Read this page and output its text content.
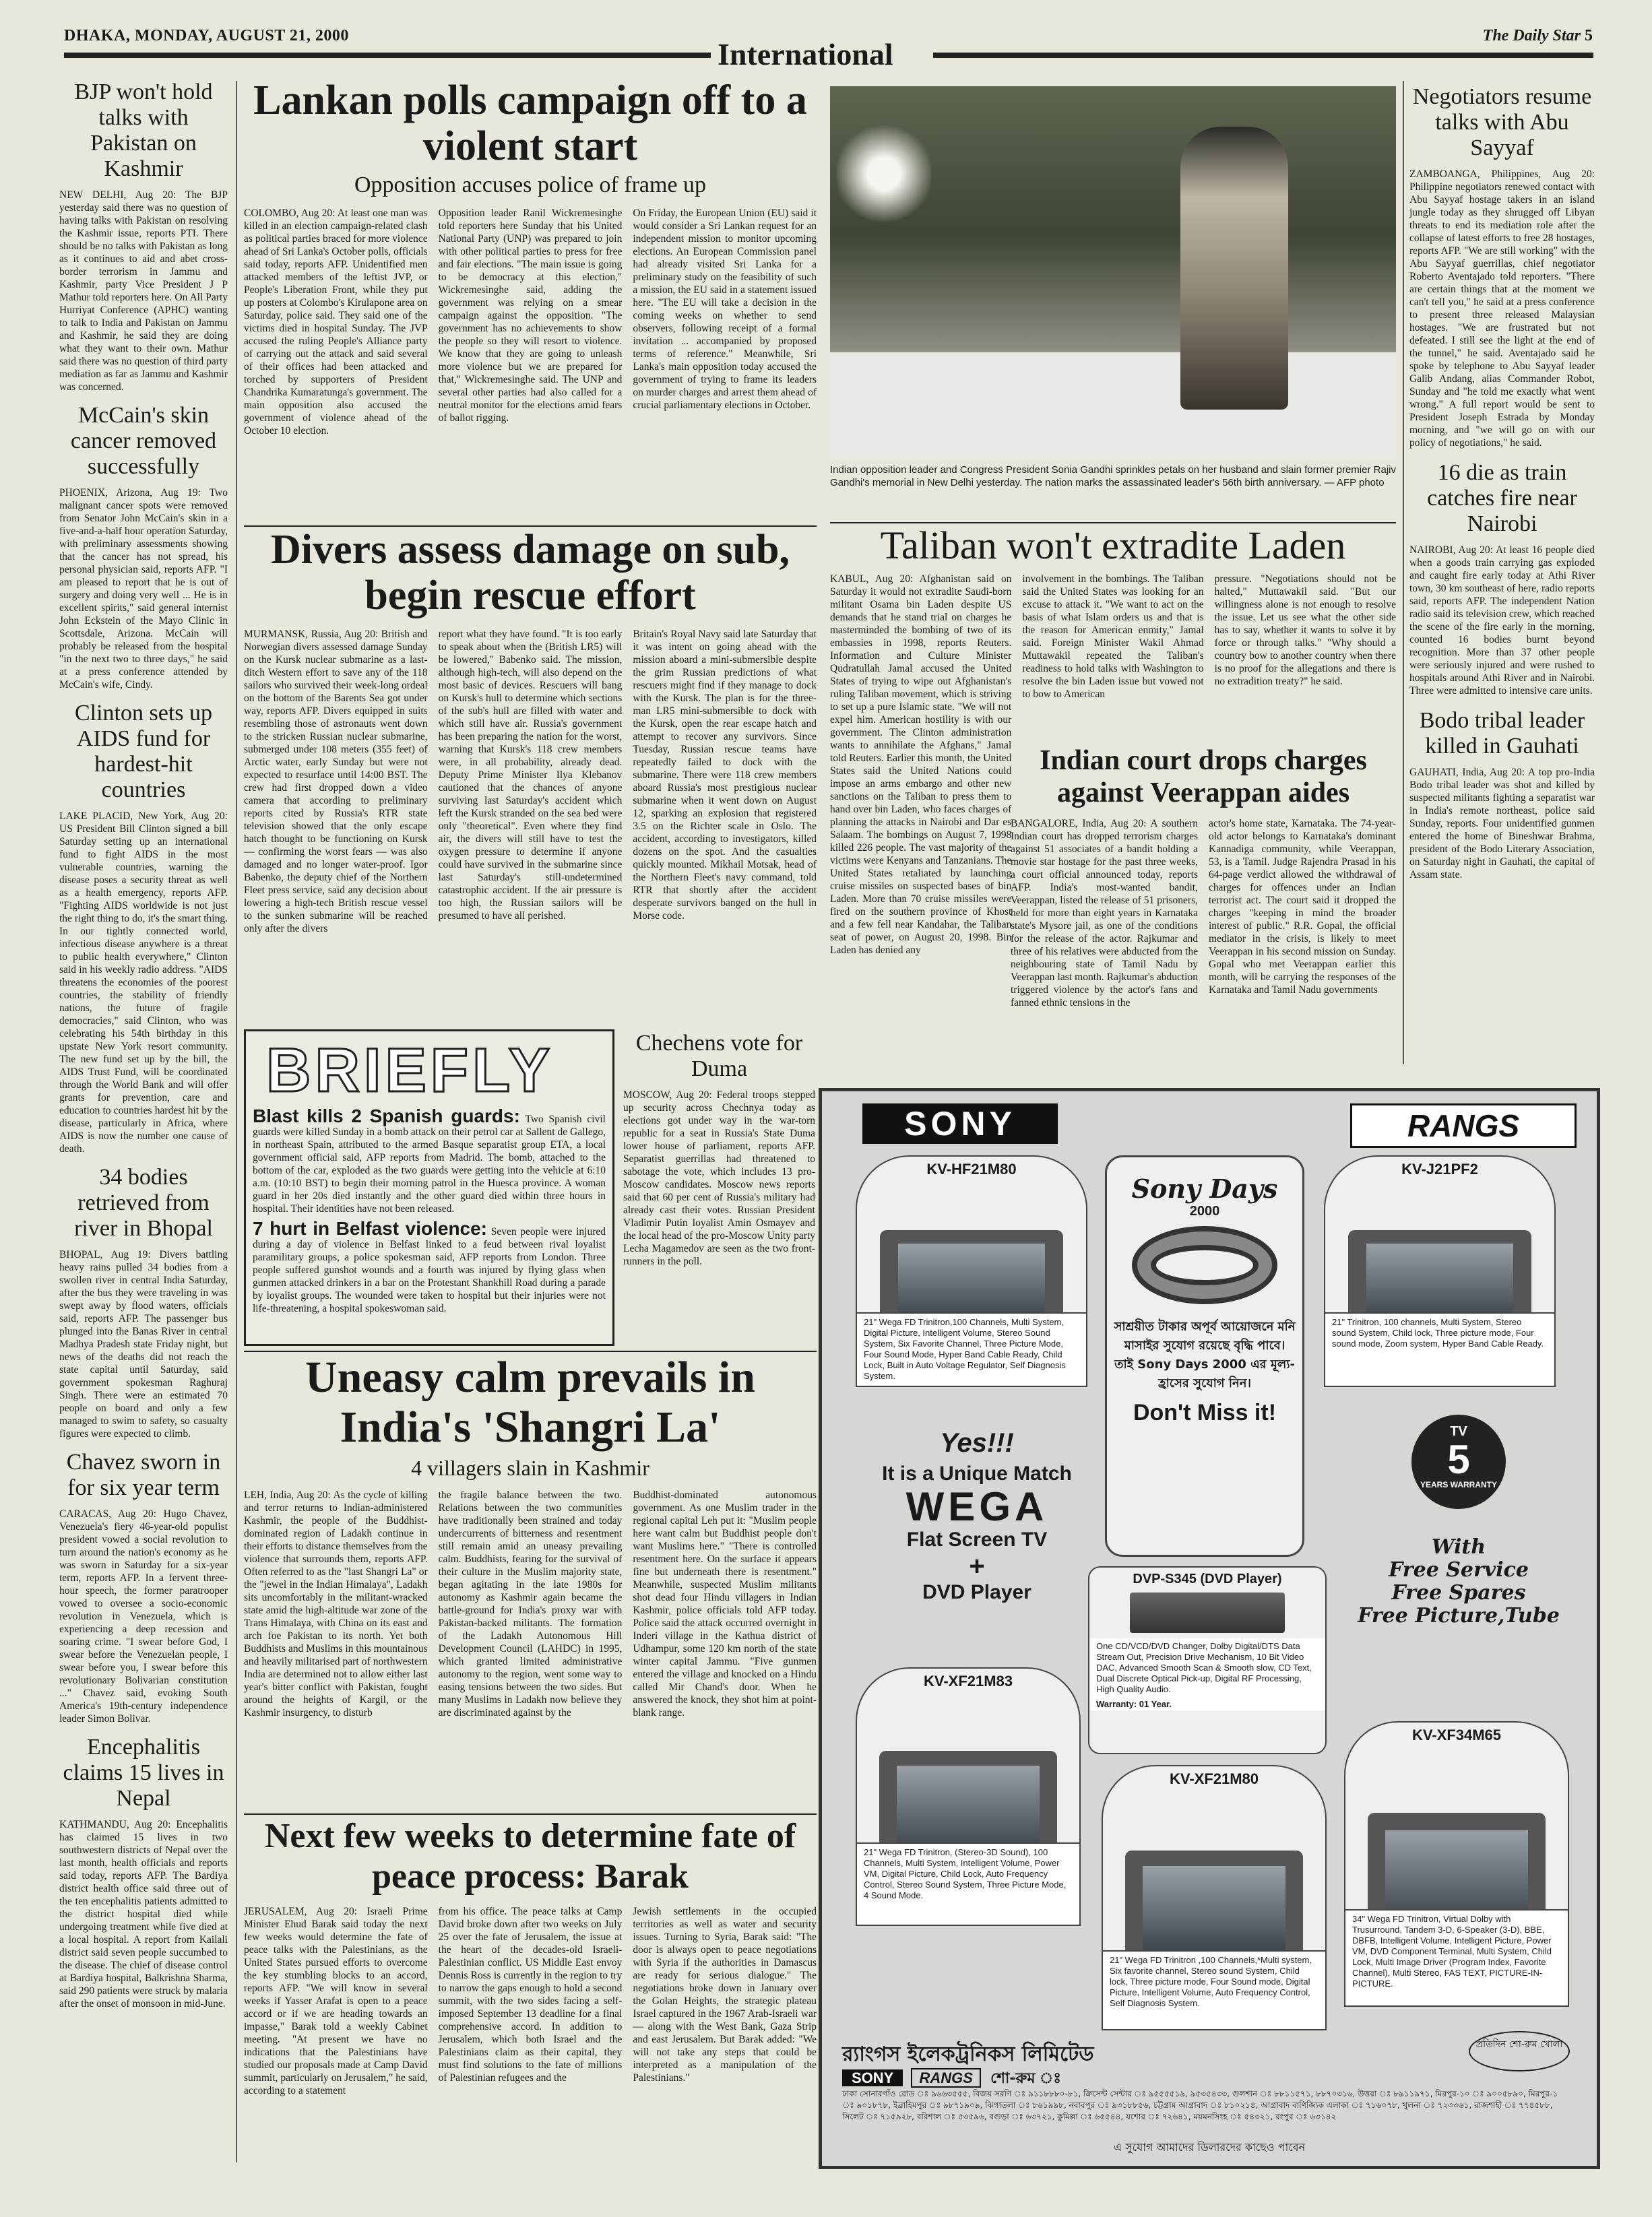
DHAKA, MONDAY, AUGUST 21, 2000
International
The Daily Star 5
BJP won't hold talks with Pakistan on Kashmir

NEW DELHI, Aug 20: The BJP yesterday said there was no question of having talks with Pakistan on resolving the Kashmir issue, reports PTI. There should be no talks with Pakistan as long as it continues to aid and abet cross-border terrorism in Jammu and Kashmir, party Vice President J P Mathur told reporters here. On All Party Hurriyat Conference (APHC) wanting to talk to India and Pakistan on Jammu and Kashmir, he said they are doing what they want to their own. Mathur said there was no question of third party mediation as far as Jammu and Kashmir was concerned.

McCain's skin cancer removed successfully

PHOENIX, Arizona, Aug 19: Two malignant cancer spots were removed from Senator John McCain's skin in a five-and-a-half hour operation Saturday, with preliminary assessments showing that the cancer has not spread, his personal physician said, reports AFP. "I am pleased to report that he is out of surgery and doing very well ... He is in excellent spirits," said general internist John Eckstein of the Mayo Clinic in Scottsdale, Arizona. McCain will probably be released from the hospital "in the next two to three days," he said at a press conference attended by McCain's wife, Cindy.

Clinton sets up AIDS fund for hardest-hit countries

LAKE PLACID, New York, Aug 20: US President Bill Clinton signed a bill Saturday setting up an international fund to fight AIDS in the most vulnerable countries, warning the disease poses a security threat as well as a health emergency, reports AFP. "Fighting AIDS worldwide is not just the right thing to do, it's the smart thing. In our tightly connected world, infectious disease anywhere is a threat to public health everywhere," Clinton said in his weekly radio address. "AIDS threatens the economies of the poorest countries, the stability of friendly nations, the future of fragile democracies," said Clinton, who was celebrating his 54th birthday in this upstate New York resort community. The new fund set up by the bill, the AIDS Trust Fund, will be coordinated through the World Bank and will offer grants for prevention, care and education to countries hardest hit by the disease, particularly in Africa, where AIDS is now the number one cause of death.

34 bodies retrieved from river in Bhopal

BHOPAL, Aug 19: Divers battling heavy rains pulled 34 bodies from a swollen river in central India Saturday, after the bus they were traveling in was swept away by flood waters, officials said, reports AFP. The passenger bus plunged into the Banas River in central Madhya Pradesh state Friday night, but news of the deaths did not reach the state capital until Saturday, said government spokesman Raghuraj Singh. There were an estimated 70 people on board and only a few managed to swim to safety, so casualty figures were expected to climb.

Chavez sworn in for six year term

CARACAS, Aug 20: Hugo Chavez, Venezuela's fiery 46-year-old populist president vowed a social revolution to turn around the nation's economy as he was sworn in Saturday for a six-year term, reports AFP. In a fervent three-hour speech, the former paratrooper vowed to oversee a socio-economic revolution in Venezuela, which is experiencing a deep recession and soaring crime. "I swear before God, I swear before the Venezuelan people, I swear before you, I swear before this revolutionary Bolivarian constitution ..." Chavez said, evoking South America's 19th-century independence leader Simon Bolivar.

Encephalitis claims 15 lives in Nepal

KATHMANDU, Aug 20: Encephalitis has claimed 15 lives in two southwestern districts of Nepal over the last month, health officials and reports said today, reports AFP. The Bardiya district health office said three out of the ten encephalitis patients admitted to the district hospital died while undergoing treatment while five died at a local hospital. A report from Kailali district said seven people succumbed to the disease. The chief of disease control at Bardiya hospital, Balkrishna Sharma, said 290 patients were struck by malaria after the onset of monsoon in mid-June.

Lankan polls campaign off to a violent start
Opposition accuses police of frame up

COLOMBO, Aug 20: At least one man was killed in an election campaign-related clash as political parties braced for more violence ahead of Sri Lanka's October polls, officials said today, reports AFP. Unidentified men attacked members of the leftist JVP, or People's Liberation Front, while they put up posters at Colombo's Kirulapone area on Saturday, police said. They said one of the victims died in hospital Sunday. The JVP accused the ruling People's Alliance party of carrying out the attack and said several of their offices had been attacked and torched by supporters of President Chandrika Kumaratunga's government. The main opposition also accused the government of violence ahead of the October 10 election.

Opposition leader Ranil Wickremesinghe told reporters here Sunday that his United National Party (UNP) was prepared to join with other political parties to press for free and fair elections. "The main issue is going to be democracy at this election," Wickremesinghe said, adding the government was relying on a smear campaign against the opposition. "The government has no achievements to show the people so they will resort to violence. We know that they are going to unleash more violence but we are prepared for that," Wickremesinghe said. The UNP and several other parties had also called for a neutral monitor for the elections amid fears of ballot rigging.

On Friday, the European Union (EU) said it would consider a Sri Lankan request for an independent mission to monitor upcoming elections. An European Commission panel had already visited Sri Lanka for a preliminary study on the feasibility of such a mission, the EU said in a statement issued here. "The EU will take a decision in the coming weeks on whether to send observers, following receipt of a formal invitation ... accompanied by proposed terms of reference." Meanwhile, Sri Lanka's main opposition today accused the government of trying to frame its leaders on murder charges and arrest them ahead of crucial parliamentary elections in October.

Indian opposition leader and Congress President Sonia Gandhi sprinkles petals on her husband and slain former premier Rajiv Gandhi's memorial in New Delhi yesterday. The nation marks the assassinated leader's 56th birth anniversary. — AFP photo
Negotiators resume talks with Abu Sayyaf

ZAMBOANGA, Philippines, Aug 20: Philippine negotiators renewed contact with Abu Sayyaf hostage takers in an island jungle today as they shrugged off Libyan threats to end its mediation role after the collapse of latest efforts to free 28 hostages, reports AFP. "We are still working" with the Abu Sayyaf guerrillas, chief negotiator Roberto Aventajado told reporters. "There are certain things that at the moment we can't tell you," he said at a press conference to present three released Malaysian hostages. "We are frustrated but not defeated. I still see the light at the end of the tunnel," he said. Aventajado said he spoke by telephone to Abu Sayyaf leader Galib Andang, alias Commander Robot, Sunday and "he told me exactly what went wrong." A full report would be sent to President Joseph Estrada by Monday morning, and "we will go on with our policy of negotiations," he said.

16 die as train catches fire near Nairobi

NAIROBI, Aug 20: At least 16 people died when a goods train carrying gas exploded and caught fire early today at Athi River town, 30 km southeast of here, radio reports said, reports AFP. The independent Nation radio said its television crew, which reached the scene of the fire early in the morning, counted 16 bodies burnt beyond recognition. More than 37 other people were seriously injured and were rushed to hospitals around Athi River and in Nairobi. Three were admitted to intensive care units.

Bodo tribal leader killed in Gauhati

GAUHATI, India, Aug 20: A top pro-India Bodo tribal leader was shot and killed by suspected militants fighting a separatist war in India's remote northeast, police said Sunday, reports. Four unidentified gunmen entered the home of Bineshwar Brahma, president of the Bodo Literary Association, on Saturday night in Gauhati, the capital of Assam state.

Divers assess damage on sub, begin rescue effort

MURMANSK, Russia, Aug 20: British and Norwegian divers assessed damage Sunday on the Kursk nuclear submarine as a last-ditch Western effort to save any of the 118 sailors who survived their week-long ordeal on the bottom of the Barents Sea got under way, reports AFP. Divers equipped in suits resembling those of astronauts went down to the stricken Russian nuclear submarine, submerged under 108 meters (355 feet) of Arctic water, early Sunday but were not expected to resurface until 14:00 BST. The crew had first dropped down a video camera that according to preliminary reports cited by Russia's RTR state television showed that the only escape hatch thought to be functioning on Kursk — confirming the worst fears — was also damaged and no longer water-proof. Igor Babenko, the deputy chief of the Northern Fleet press service, said any decision about lowering a high-tech British rescue vessel to the sunken submarine will be reached only after the divers

report what they have found. "It is too early to speak about when the (British LR5) will be lowered," Babenko said. The mission, although high-tech, will also depend on the most basic of devices. Rescuers will bang on Kursk's hull to determine which sections of the sub's hull are filled with water and which still have air. Russia's government has been preparing the nation for the worst, warning that Kursk's 118 crew members were, in all probability, already dead. Deputy Prime Minister Ilya Klebanov cautioned that the chances of anyone surviving last Saturday's accident which left the Kursk stranded on the sea bed were only "theoretical". Even where they find air, the divers will still have to test the oxygen pressure to determine if anyone could have survived in the submarine since last Saturday's still-undetermined catastrophic accident. If the air pressure is too high, the Russian sailors will be presumed to have all perished.

Britain's Royal Navy said late Saturday that it was intent on going ahead with the mission aboard a mini-submersible despite the grim Russian predictions of what rescuers might find if they manage to dock with the Kursk. The plan is for the three-man LR5 mini-submersible to dock with the Kursk, open the rear escape hatch and attempt to recover any survivors. Since Tuesday, Russian rescue teams have repeatedly failed to dock with the submarine. There were 118 crew members aboard Russia's most prestigious nuclear submarine when it went down on August 12, sparking an explosion that registered 3.5 on the Richter scale in Oslo. The accident, according to investigators, killed dozens on the spot. And the casualties quickly mounted. Mikhail Motsak, head of the Northern Fleet's navy command, told RTR that shortly after the accident desperate survivors banged on the hull in Morse code.

Taliban won't extradite Laden

KABUL, Aug 20: Afghanistan said on Saturday it would not extradite Saudi-born militant Osama bin Laden despite US demands that he stand trial on charges he masterminded the bombing of two of its embassies in 1998, reports Reuters. Information and Culture Minister Qudratullah Jamal accused the United States of trying to wipe out Afghanistan's ruling Taliban movement, which is striving to set up a pure Islamic state. "We will not expel him. American hostility is with our government. The Clinton administration wants to annihilate the Afghans," Jamal told Reuters. Earlier this month, the United States said the United Nations could impose an arms embargo and other new sanctions on the Taliban to press them to hand over bin Laden, who faces charges of planning the attacks in Nairobi and Dar es Salaam. The bombings on August 7, 1998 killed 226 people. The vast majority of the victims were Kenyans and Tanzanians. The United States retaliated by launching cruise missiles on suspected bases of bin Laden. More than 70 cruise missiles were fired on the southern province of Khost and a few fell near Kandahar, the Taliban seat of power, on August 20, 1998. Bin Laden has denied any

involvement in the bombings. The Taliban said the United States was looking for an excuse to attack it. "We want to act on the basis of what Islam orders us and that is the reason for American enmity," Jamal said. Foreign Minister Wakil Ahmad Muttawakil repeated the Taliban's readiness to hold talks with Washington to resolve the bin Laden issue but vowed not to bow to American

pressure. "Negotiations should not be halted," Muttawakil said. "But our willingness alone is not enough to resolve the issue. Let us see what the other side has to say, whether it wants to solve it by force or through talks." "Why should a country bow to another country when there is no proof for the allegations and there is no extradition treaty?" he said.

Indian court drops charges against Veerappan aides

BANGALORE, India, Aug 20: A southern Indian court has dropped terrorism charges against 51 associates of a bandit holding a movie star hostage for the past three weeks, a court official announced today, reports AFP. India's most-wanted bandit, Veerappan, listed the release of 51 prisoners, held for more than eight years in Karnataka state's Mysore jail, as one of the conditions for the release of the actor. Rajkumar and three of his relatives were abducted from the neighbouring state of Tamil Nadu by Veerappan last month. Rajkumar's abduction triggered violence by the actor's fans and fanned ethnic tensions in the

actor's home state, Karnataka. The 74-year-old actor belongs to Karnataka's dominant Kannadiga community, while Veerappan, 53, is a Tamil. Judge Rajendra Prasad in his 64-page verdict allowed the withdrawal of charges for offences under an Indian terrorist act. The court said it dropped the charges "keeping in mind the broader interest of public." R.R. Gopal, the official mediator in the crisis, is likely to meet Veerappan in his second mission on Sunday. Gopal who met Veerappan earlier this month, will be carrying the responses of the Karnataka and Tamil Nadu governments

BRIEFLY

Blast kills 2 Spanish guards: Two Spanish civil guards were killed Sunday in a bomb attack on their petrol car at Sallent de Gallego, in northeast Spain, attributed to the armed Basque separatist group ETA, a local government official said, AFP reports from Madrid. The bomb, attached to the bottom of the car, exploded as the two guards were getting into the vehicle at 6:10 a.m. (10:10 BST) to begin their morning patrol in the Huesca province. A woman guard in her 20s died instantly and the other guard died within three hours in hospital. Their identities have not been released.

7 hurt in Belfast violence: Seven people were injured during a day of violence in Belfast linked to a feud between rival loyalist paramilitary groups, a police spokesman said, AFP reports from London. Three people suffered gunshot wounds and a fourth was injured by flying glass when gunmen attacked drinkers in a bar on the Protestant Shankhill Road during a parade by loyalist groups. The wounded were taken to hospital but their injuries were not life-threatening, a hospital spokeswoman said.

Chechens vote for Duma

MOSCOW, Aug 20: Federal troops stepped up security across Chechnya today as elections got under way in the war-torn republic for a seat in Russia's State Duma lower house of parliament, reports AFP. Separatist guerrillas had threatened to sabotage the vote, which includes 13 pro-Moscow candidates. Moscow news reports said that 60 per cent of Russia's military had already cast their votes. Russian President Vladimir Putin loyalist Amin Osmayev and the local head of the pro-Moscow Unity party Lecha Magamedov are seen as the two front-runners in the poll.

Uneasy calm prevails in India's 'Shangri La'
4 villagers slain in Kashmir

LEH, India, Aug 20: As the cycle of killing and terror returns to Indian-administered Kashmir, the people of the Buddhist-dominated region of Ladakh continue in their efforts to distance themselves from the violence that surrounds them, reports AFP. Often referred to as the "last Shangri La" or the "jewel in the Indian Himalaya", Ladakh sits uncomfortably in the militant-wracked state amid the high-altitude war zone of the Trans Himalaya, with China on its east and arch foe Pakistan to its north. Yet both Buddhists and Muslims in this mountainous and heavily militarised part of northwestern India are determined not to allow either last year's bitter conflict with Pakistan, fought around the heights of Kargil, or the Kashmir insurgency, to disturb

the fragile balance between the two. Relations between the two communities have traditionally been strained and today undercurrents of bitterness and resentment still remain amid an uneasy prevailing calm. Buddhists, fearing for the survival of their culture in the Muslim majority state, began agitating in the late 1980s for autonomy as Kashmir again became the battle-ground for India's proxy war with Pakistan-backed militants. The formation of the Ladakh Autonomous Hill Development Council (LAHDC) in 1995, which granted limited administrative autonomy to the region, went some way to easing tensions between the two sides. But many Muslims in Ladakh now believe they are discriminated against by the

Buddhist-dominated autonomous government. As one Muslim trader in the regional capital Leh put it: "Muslim people here want calm but Buddhist people don't want Muslims here." "There is controlled resentment here. On the surface it appears fine but underneath there is resentment." Meanwhile, suspected Muslim militants shot dead four Hindu villagers in Indian Kashmir, police officials told AFP today. Police said the attack occurred overnight in Inderi village in the Kathua district of Udhampur, some 120 km north of the state winter capital Jammu. "Five gunmen entered the village and knocked on a Hindu called Mir Chand's door. When he answered the knock, they shot him at point-blank range.

Next few weeks to determine fate of peace process: Barak

JERUSALEM, Aug 20: Israeli Prime Minister Ehud Barak said today the next few weeks would determine the fate of peace talks with the Palestinians, as the United States pursued efforts to overcome the key stumbling blocks to an accord, reports AFP. "We will know in several weeks if Yasser Arafat is open to a peace accord or if we are heading towards an impasse," Barak told a weekly Cabinet meeting. "At present we have no indications that the Palestinians have studied our proposals made at Camp David summit, particularly on Jerusalem," he said, according to a statement

from his office. The peace talks at Camp David broke down after two weeks on July 25 over the fate of Jerusalem, the issue at the heart of the decades-old Israeli-Palestinian conflict. US Middle East envoy Dennis Ross is currently in the region to try to narrow the gaps enough to hold a second summit, with the two sides facing a self-imposed September 13 deadline for a final comprehensive accord. In addition to Jerusalem, which both Israel and the Palestinians claim as their capital, they must find solutions to the fate of millions of Palestinian refugees and the

Jewish settlements in the occupied territories as well as water and security issues. Turning to Syria, Barak said: "The door is always open to peace negotiations with Syria if the authorities in Damascus are ready for serious dialogue." The negotiations broke down in January over the Golan Heights, the strategic plateau Israel captured in the 1967 Arab-Israeli war — along with the West Bank, Gaza Strip and east Jerusalem. But Barak added: "We will not take any steps that could be interpreted as a manipulation of the Palestinians."

SONY	RANGS
KV-HF21M80
21" Wega FD Trinitron,100 Channels, Multi System, Digital Picture, Intelligent Volume, Stereo Sound System, Six Favorite Channel, Three Picture Mode, Four Sound Mode, Hyper Band Cable Ready, Child Lock, Built in Auto Voltage Regulator, Self Diagnosis System.
Sony Days
2000
সাশ্রয়ীত টাকার অপূর্ব আয়োজনে মনি মাসাইর সুযোগ রয়েছে বৃদ্ধি পাবে। তাই Sony Days 2000 এর মূল্য-হ্রাসের সুযোগ নিন।
Don't Miss it!
KV-J21PF2
21" Trinitron, 100 channels, Multi System, Stereo sound System, Child lock, Three picture mode, Four sound mode, Zoom system, Hyper Band Cable Ready.
Yes!!!
It is a Unique Match
WEGA
Flat Screen TV
+
DVD Player
TV
5
YEARS WARRANTY
With
Free Service
Free Spares
Free Picture,Tube
DVP-S345 (DVD Player)
One CD/VCD/DVD Changer, Dolby Digital/DTS Data Stream Out, Precision Drive Mechanism, 10 Bit Video DAC, Advanced Smooth Scan & Smooth slow, CD Text, Dual Discrete Optical Pick-up, Digital RF Processing, High Quality Audio.
Warranty: 01 Year.
KV-XF21M83
21" Wega FD Trinitron, (Stereo-3D Sound), 100 Channels, Multi System, Intelligent Volume, Power VM, Digital Picture, Child Lock, Auto Frequency Control, Stereo Sound System, Three Picture Mode, 4 Sound Mode.
KV-XF21M80
21" Wega FD Trinitron ,100 Channels,*Multi system, Six favorite channel, Stereo sound System, Child lock, Three picture mode, Four Sound mode, Digital Picture, Intelligent Volume, Auto Frequency Control, Self Diagnosis System.
KV-XF34M65
34" Wega FD Trinitron, Virtual Dolby with Trusurround, Tandem 3-D, 6-Speaker (3-D), BBE, DBFB, Intelligent Volume, Intelligent Picture, Power VM, DVD Component Terminal, Multi System, Child Lock, Multi Image Driver (Program Index, Favorite Channel), Multi Stereo, FAS TEXT, PICTURE-IN-PICTURE.
র‍্যাংগস ইলেকট্রনিকস লিমিটেড	প্রতিদিন শো-রুম খোলা
SONY RANGS শো-রুম ঃ
ঢাকা সোনারগাঁও রোড ঃ ৯৬৬৩৫৫৫, বিজয় সরণি ঃ ৯১১৮৮৮০-৮১, ক্রিসেন্ট সেন্টার ঃ ৯৫৫৫৫১৯, ৯৫৩৫৪৩৩, গুলশান ঃ ৮৮১১৫৭১, ৮৮৭০৩১৬, উত্তরা ঃ ৮৯১১৯৭১, মিরপুর-১০ ঃ ৯০০৫৮৯০, মিরপুর-১ ঃ ৯০১৮৭৮, ইব্রাহিমপুর ঃ ৯৮৭১৯০৯, ঝিগাতলা ঃ ৮৬১৯৯৮, নবাবপুর ঃ ৯৩১৮৮৫৬, চট্টগ্রাম আগ্রাবাদ ঃ ৮১০২১৪, আগ্রাবাদ বাণিজ্যিক এলাকা ঃ ৭১৬০৭৮, খুলনা ঃ ৭২৩৩৬১, রাজশাহী ঃ ৭৭৪৫৮৮, সিলেট ঃ ৭১৫৯২৮, বরিশাল ঃ ৫৩৫৯৬, বগুড়া ঃ ৬৩৭২১, কুমিল্লা ঃ ৬৫৫৪৪, যশোর ঃ ৭২৬৪১, ময়মনসিংহ ঃ ৫৪৩২১, রংপুর ঃ ৬৩১৪২
এ সুযোগ আমাদের ডিলারদের কাছেও পাবেন
